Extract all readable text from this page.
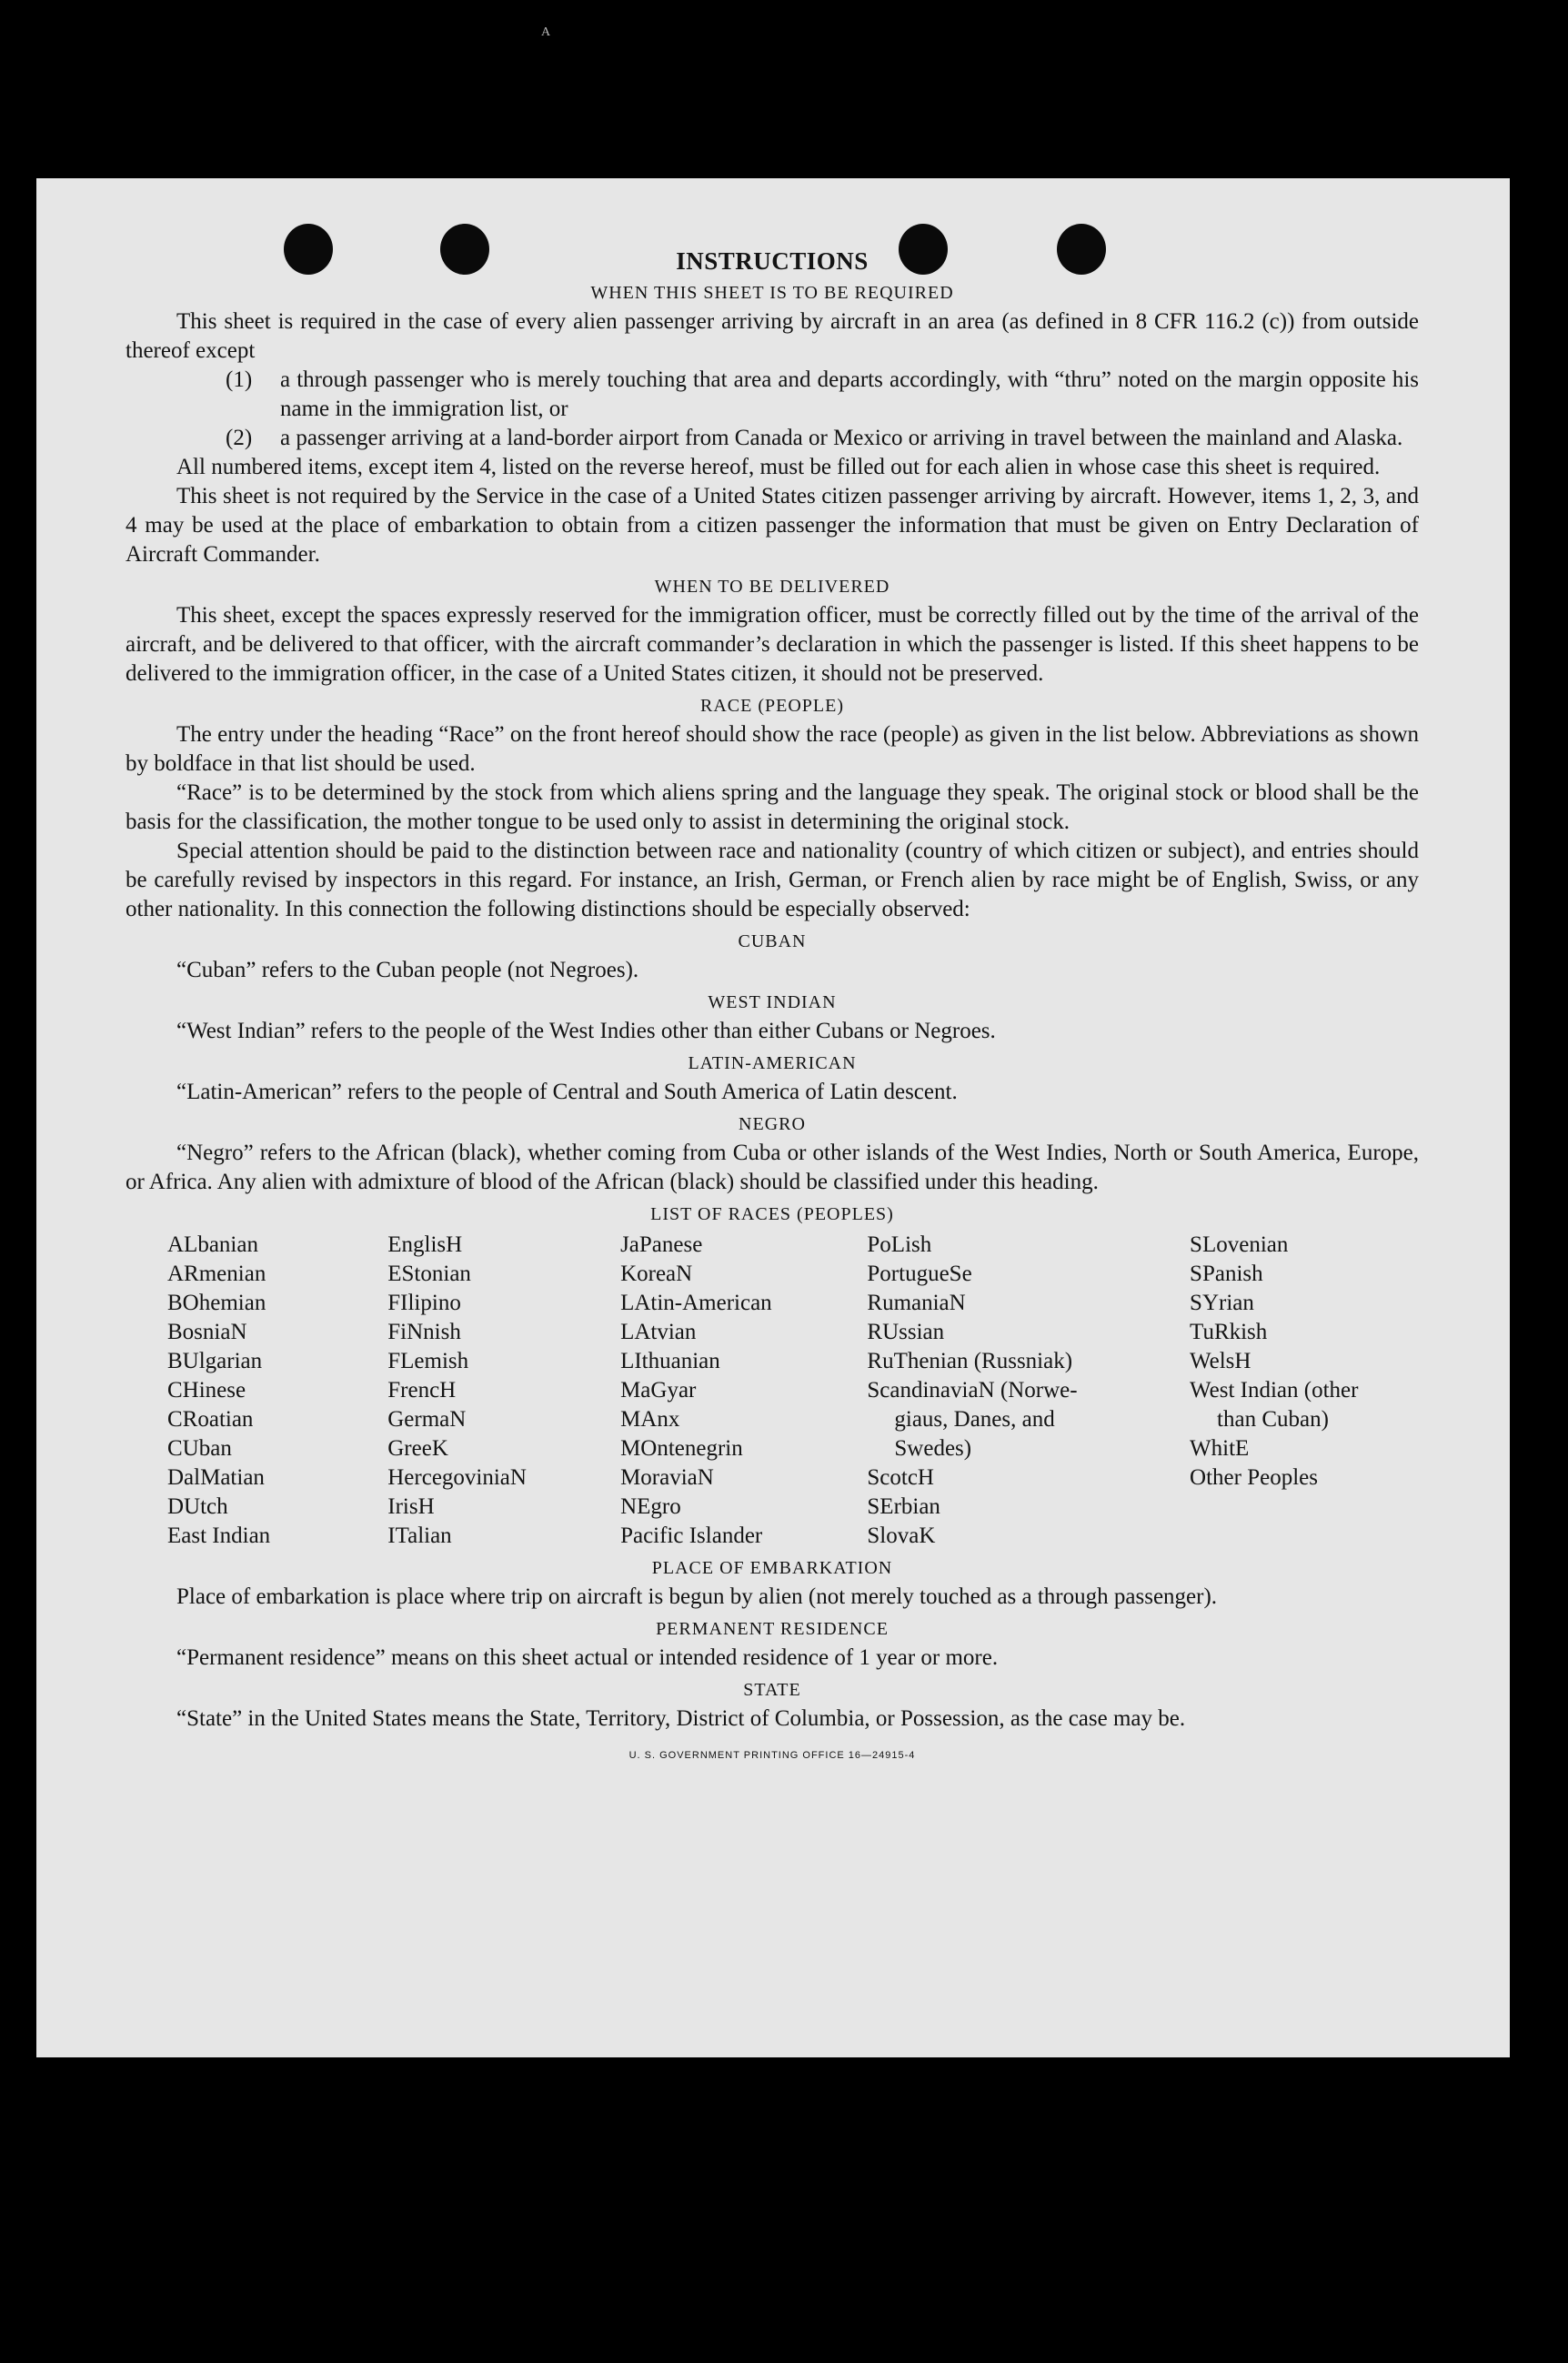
A
INSTRUCTIONS
WHEN THIS SHEET IS TO BE REQUIRED

This sheet is required in the case of every alien passenger arriving by aircraft in an area (as defined in 8 CFR 116.2 (c)) from outside thereof except

(1) a through passenger who is merely touching that area and departs accordingly, with “thru” noted on the margin opposite his name in the immigration list, or

(2) a passenger arriving at a land-border airport from Canada or Mexico or arriving in travel between the mainland and Alaska.

All numbered items, except item 4, listed on the reverse hereof, must be filled out for each alien in whose case this sheet is required.

This sheet is not required by the Service in the case of a United States citizen passenger arriving by aircraft. However, items 1, 2, 3, and 4 may be used at the place of embarkation to obtain from a citizen passenger the information that must be given on Entry Declaration of Aircraft Commander.

WHEN TO BE DELIVERED

This sheet, except the spaces expressly reserved for the immigration officer, must be correctly filled out by the time of the arrival of the aircraft, and be delivered to that officer, with the aircraft commander’s declaration in which the passenger is listed. If this sheet happens to be delivered to the immigration officer, in the case of a United States citizen, it should not be preserved.

RACE (PEOPLE)

The entry under the heading “Race” on the front hereof should show the race (people) as given in the list below. Abbreviations as shown by boldface in that list should be used.

“Race” is to be determined by the stock from which aliens spring and the language they speak. The original stock or blood shall be the basis for the classification, the mother tongue to be used only to assist in determining the original stock.

Special attention should be paid to the distinction between race and nationality (country of which citizen or subject), and entries should be carefully revised by inspectors in this regard. For instance, an Irish, German, or French alien by race might be of English, Swiss, or any other nationality. In this connection the following distinctions should be especially observed:

CUBAN

“Cuban” refers to the Cuban people (not Negroes).

WEST INDIAN

“West Indian” refers to the people of the West Indies other than either Cubans or Negroes.

LATIN-AMERICAN

“Latin-American” refers to the people of Central and South America of Latin descent.

NEGRO

“Negro” refers to the African (black), whether coming from Cuba or other islands of the West Indies, North or South America, Europe, or Africa. Any alien with admixture of blood of the African (black) should be classified under this heading.

LIST OF RACES (PEOPLES)
ALbanian
ARmenian
BOhemian
BosniaN
BUlgarian
CHinese
CRoatian
CUban
DalMatian
DUtch
East Indian
EnglisH
EStonian
FIlipino
FiNnish
FLemish
FrencH
GermaN
GreeK
HercegoviniaN
IrisH
ITalian
JaPanese
KoreaN
LAtin-American
LAtvian
LIthuanian
MaGyar
MAnx
MOntenegrin
MoraviaN
NEgro
Pacific Islander
PoLish
PortugueSe
RumaniaN
RUssian
RuThenian (Russniak)
ScandinaviaN (Norwe-
giaus, Danes, and
Swedes)
ScotcH
SErbian
SlovaK
SLovenian
SPanish
SYrian
TuRkish
WelsH
West Indian (other
than Cuban)
WhitE
Other Peoples
PLACE OF EMBARKATION

Place of embarkation is place where trip on aircraft is begun by alien (not merely touched as a through passenger).

PERMANENT RESIDENCE

“Permanent residence” means on this sheet actual or intended residence of 1 year or more.

STATE

“State” in the United States means the State, Territory, District of Columbia, or Possession, as the case may be.

U. S. GOVERNMENT PRINTING OFFICE 16—24915-4
